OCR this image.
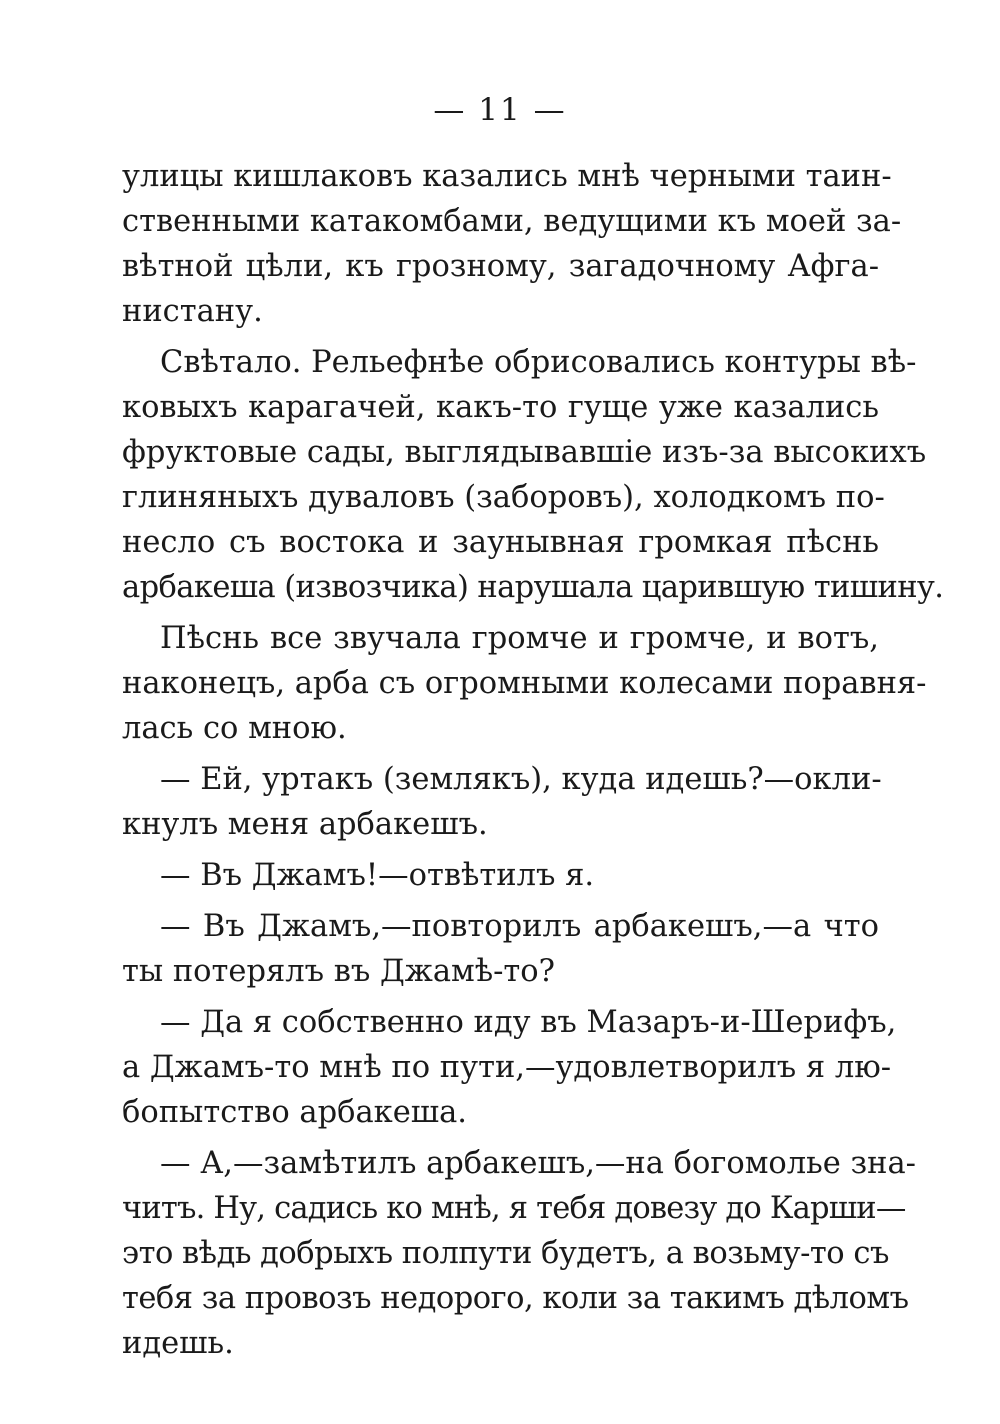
— 11 —
улицы кишлаковъ казались мнѣ черными таин-
ственными катакомбами, ведущими къ моей за-
вѣтной цѣли, къ грозному, загадочному Афга-
нистану.
Свѣтало. Рельефнѣе обрисовались контуры вѣ-
ковыхъ карагачей, какъ-то гуще уже казались
фруктовые сады, выглядывавшіе изъ-за высокихъ
глиняныхъ дуваловъ (заборовъ), холодкомъ по-
несло съ востока и заунывная громкая пѣснь
арбакеша (извозчика) нарушала царившую тишину.
Пѣснь все звучала громче и громче, и вотъ,
наконецъ, арба съ огромными колесами поравня-
лась со мною.
— Ей, уртакъ (землякъ), куда идешь?—окли-
кнулъ меня арбакешъ.
— Въ Джамъ!—отвѣтилъ я.
— Въ Джамъ,—повторилъ арбакешъ,—а что
ты потерялъ въ Джамѣ-то?
— Да я собственно иду въ Мазаръ-и-Шерифъ,
а Джамъ-то мнѣ по пути,—удовлетворилъ я лю-
бопытство арбакеша.
— А,—замѣтилъ арбакешъ,—на богомолье зна-
читъ. Ну, садись ко мнѣ, я тебя довезу до Карши—
это вѣдь добрыхъ полпути будетъ, а возьму-то съ
тебя за провозъ недорого, коли за такимъ дѣломъ
идешь.
